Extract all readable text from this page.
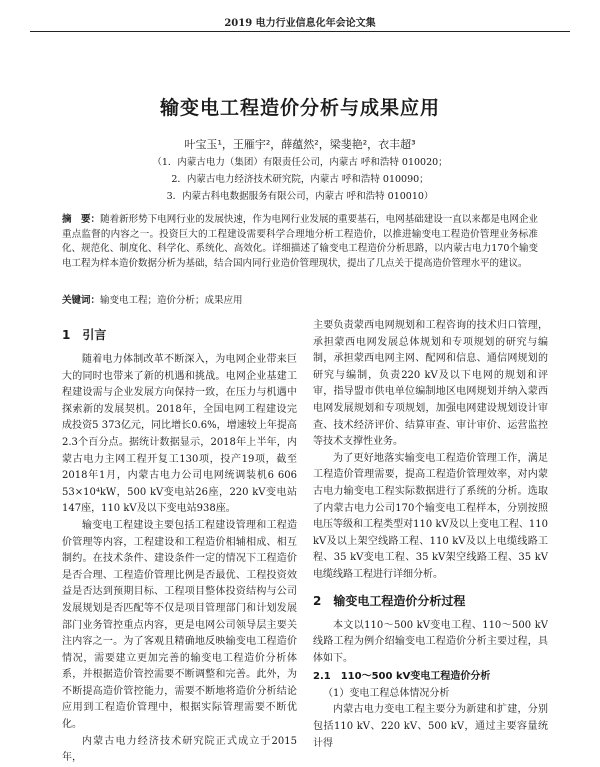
2019 电力行业信息化年会论文集
输变电工程造价分析与成果应用
叶宝玉¹，王雁宇²，薛蕴然²，梁斐艳²，衣丰超³
（1．内蒙古电力（集团）有限责任公司，内蒙古 呼和浩特 010020；
2．内蒙古电力经济技术研究院，内蒙古 呼和浩特 010090；
3．内蒙古科电数据服务有限公司，内蒙古 呼和浩特 010010）
摘　要：随着新形势下电网行业的发展快速，作为电网行业发展的重要基石，电网基础建设一直以来都是电网企业重点监督的内容之一。投资巨大的工程建设需要科学合理地分析工程造价，以推进输变电工程造价管理业务标准化、规范化、制度化、科学化、系统化、高效化。详细描述了输变电工程造价分析思路，以内蒙古电力170个输变电工程为样本造价数据分析为基础，结合国内同行业造价管理现状，提出了几点关于提高造价管理水平的建议。
关键词：输变电工程；造价分析；成果应用
1　引言

随着电力体制改革不断深入，为电网企业带来巨大的同时也带来了新的机遇和挑战。电网企业基建工程建设需与企业发展方向保持一致，在压力与机遇中探索新的发展契机。2018年，全国电网工程建设完成投资5 373亿元，同比增长0.6%，增速较上年提高2.3个百分点。据统计数据显示，2018年上半年，内蒙古电力主网工程开复工130项，投产19项，截至2018年1月，内蒙古电力公司电网统调装机6 606 53×10⁴kW，500 kV变电站26座，220 kV变电站147座，110 kV及以下变电站938座。

输变电工程建设主要包括工程建设管理和工程造价管理等内容，工程建设和工程造价相辅相成、相互制约。在技术条件、建设条件一定的情况下工程造价是否合理、工程造价管理比例是否最优、工程投资效益是否达到预期目标、工程项目整体投资结构与公司发展规划是否匹配等不仅是项目管理部门和计划发展部门业务管控重点内容，更是电网公司领导层主要关注内容之一。为了客观且精确地反映输变电工程造价情况，需要建立更加完善的输变电工程造价分析体系，并根据造价管控需要不断调整和完善。此外，为不断提高造价管控能力，需要不断地将造价分析结论应用到工程造价管理中，根据实际管理需要不断优化。

内蒙古电力经济技术研究院正式成立于2015年，

主要负责蒙西电网规划和工程咨询的技术归口管理，承担蒙西电网发展总体规划和专项规划的研究与编制，承担蒙西电网主网、配网和信息、通信网规划的研究与编制，负责220 kV及以下电网的规划和评审，指导盟市供电单位编制地区电网规划并纳入蒙西电网发展规划和专项规划，加强电网建设规划设计审查、技术经济评价、结算审查、审计审价、运营监控等技术支撑性业务。

为了更好地落实输变电工程造价管理工作，满足工程造价管理需要，提高工程造价管理效率，对内蒙古电力输变电工程实际数据进行了系统的分析。选取了内蒙古电力公司170个输变电工程样本，分别按照电压等级和工程类型对110 kV及以上变电工程、110 kV及以上架空线路工程、110 kV及以上电缆线路工程、35 kV变电工程、35 kV架空线路工程、35 kV电缆线路工程进行详细分析。

2　输变电工程造价分析过程

本文以110～500 kV变电工程、110～500 kV线路工程为例介绍输变电工程造价分析主要过程，具体如下。

2.1　110～500 kV变电工程造价分析

（1）变电工程总体情况分析

内蒙古电力变电工程主要分为新建和扩建，分别包括110 kV、220 kV、500 kV，通过主要容量统计得
